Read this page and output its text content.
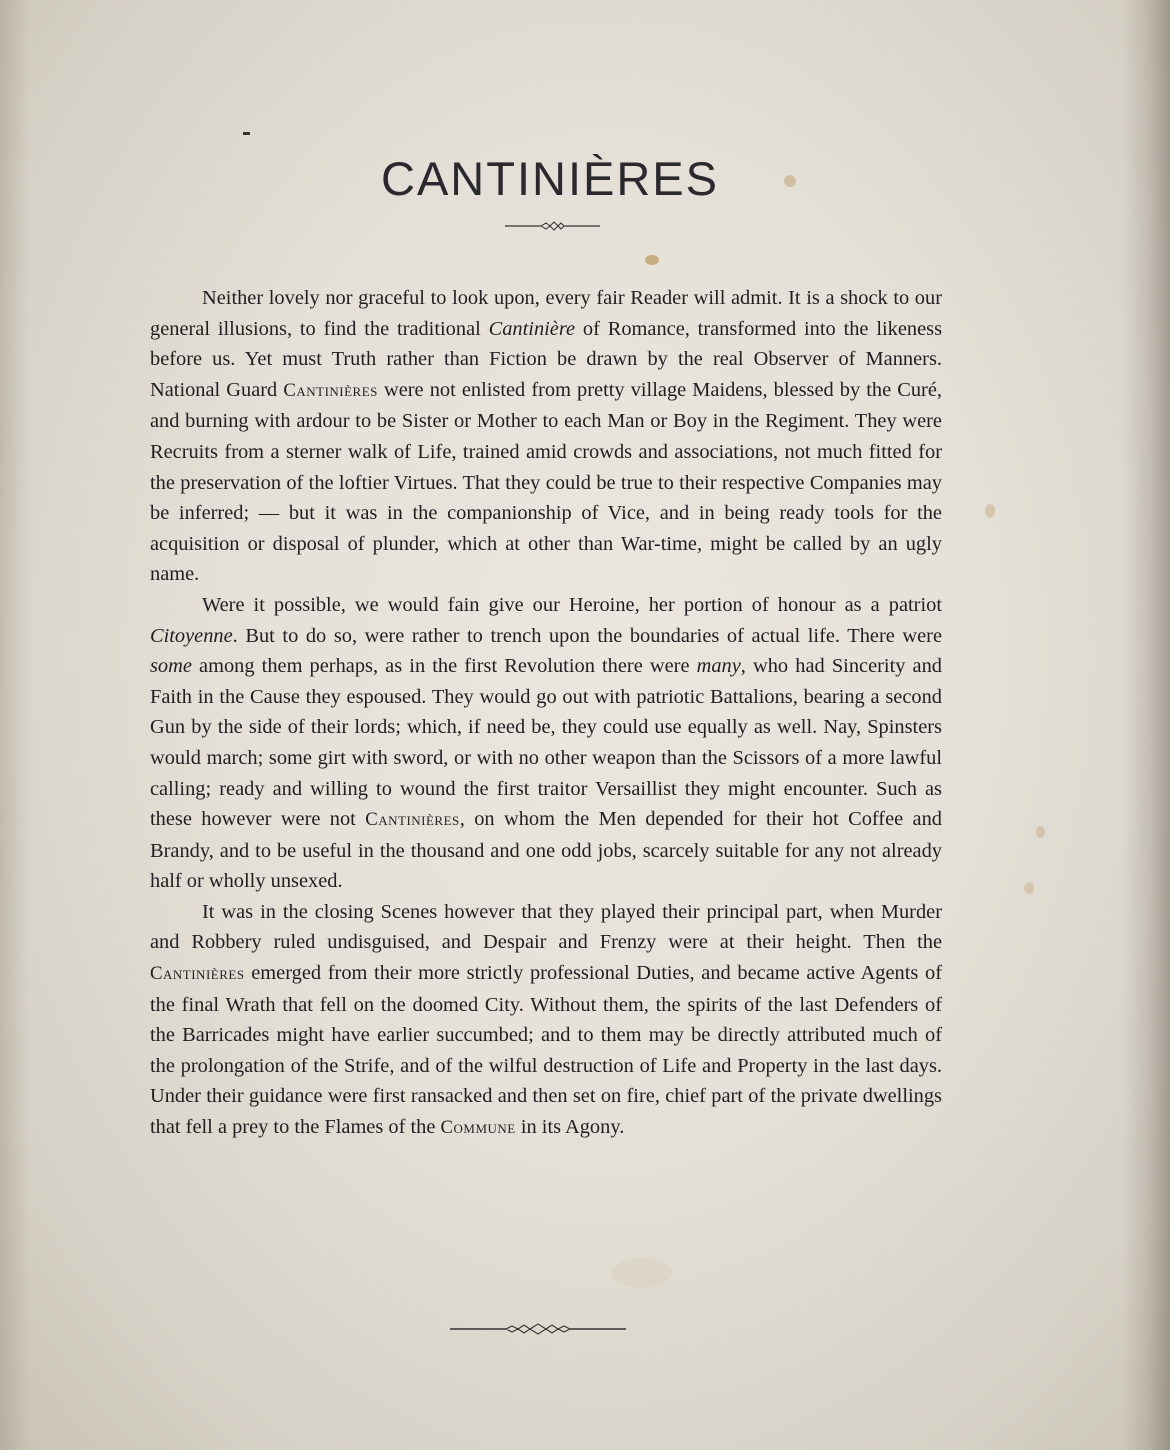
CANTINIÈRES

Neither lovely nor graceful to look upon, every fair Reader will admit. It is a shock to our general illusions, to find the traditional Cantinière of Romance, transformed into the likeness before us. Yet must Truth rather than Fiction be drawn by the real Observer of Manners. National Guard Cantinières were not enlisted from pretty village Maidens, blessed by the Curé, and burning with ardour to be Sister or Mother to each Man or Boy in the Regiment. They were Recruits from a sterner walk of Life, trained amid crowds and associations, not much fitted for the preservation of the loftier Virtues. That they could be true to their respective Companies may be inferred; — but it was in the companionship of Vice, and in being ready tools for the acquisition or disposal of plunder, which at other than War-time, might be called by an ugly name.

Were it possible, we would fain give our Heroine, her portion of honour as a patriot Citoyenne. But to do so, were rather to trench upon the boundaries of actual life. There were some among them perhaps, as in the first Revolution there were many, who had Sincerity and Faith in the Cause they espoused. They would go out with patriotic Battalions, bearing a second Gun by the side of their lords; which, if need be, they could use equally as well. Nay, Spinsters would march; some girt with sword, or with no other weapon than the Scissors of a more lawful calling; ready and willing to wound the first traitor Versaillist they might encounter. Such as these however were not Cantinières, on whom the Men depended for their hot Coffee and Brandy, and to be useful in the thousand and one odd jobs, scarcely suitable for any not already half or wholly unsexed.

It was in the closing Scenes however that they played their principal part, when Murder and Robbery ruled undisguised, and Despair and Frenzy were at their height. Then the Cantinières emerged from their more strictly professional Duties, and became active Agents of the final Wrath that fell on the doomed City. Without them, the spirits of the last Defenders of the Barricades might have earlier succumbed; and to them may be directly attributed much of the prolongation of the Strife, and of the wilful destruction of Life and Property in the last days. Under their guidance were first ransacked and then set on fire, chief part of the private dwellings that fell a prey to the Flames of the Commune in its Agony.
